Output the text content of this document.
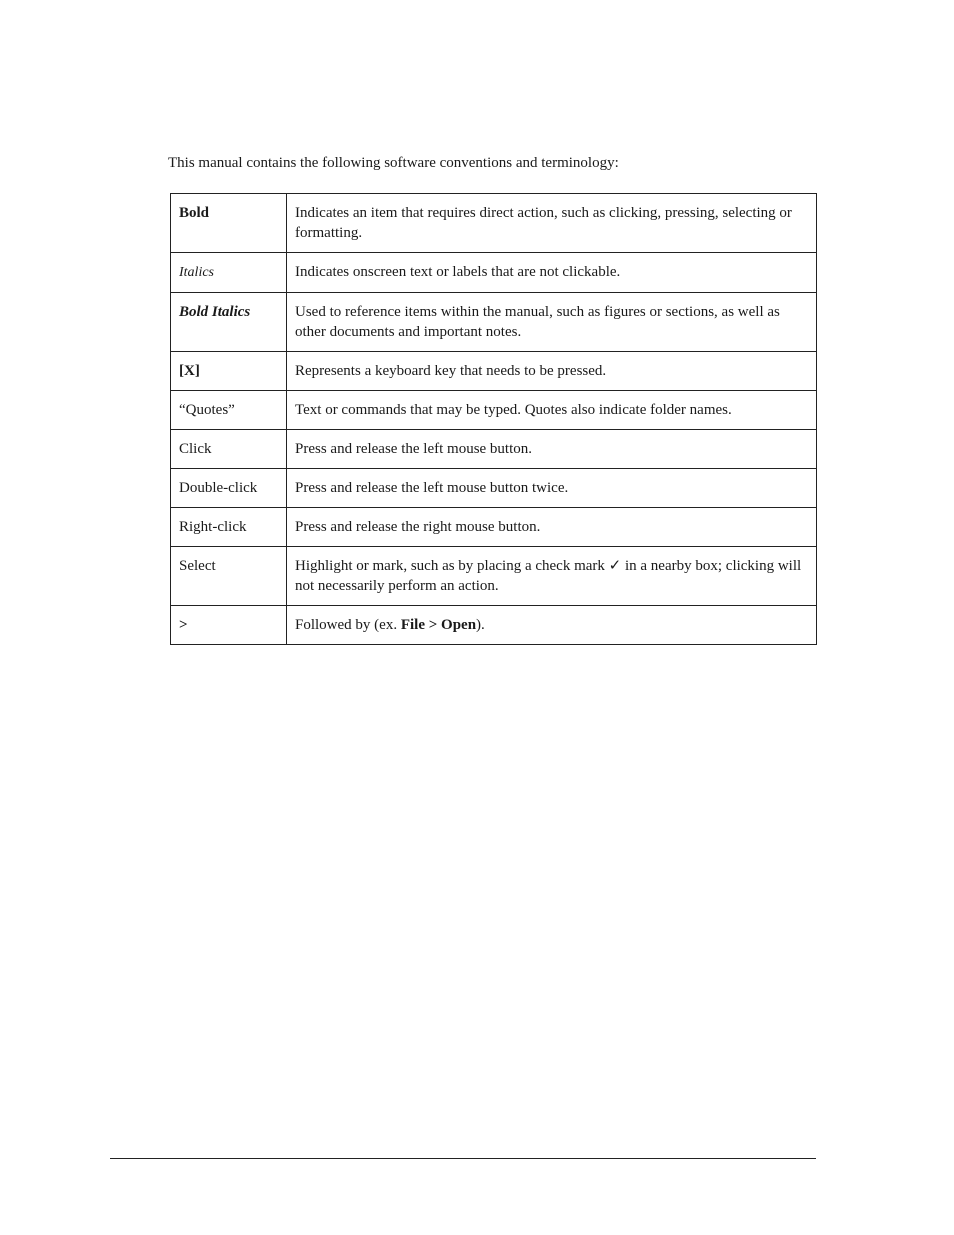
This manual contains the following software conventions and terminology:

Bold	Indicates an item that requires direct action, such as clicking, pressing, selecting or formatting.
Italics	Indicates onscreen text or labels that are not clickable.
Bold Italics	Used to reference items within the manual, such as figures or sections, as well as other documents and important notes.
[X]	Represents a keyboard key that needs to be pressed.
“Quotes”	Text or commands that may be typed. Quotes also indicate folder names.
Click	Press and release the left mouse button.
Double-click	Press and release the left mouse button twice.
Right-click	Press and release the right mouse button.
Select	Highlight or mark, such as by placing a check mark ✓ in a nearby box; clicking will not necessarily perform an action.
>	Followed by (ex. File > Open).
